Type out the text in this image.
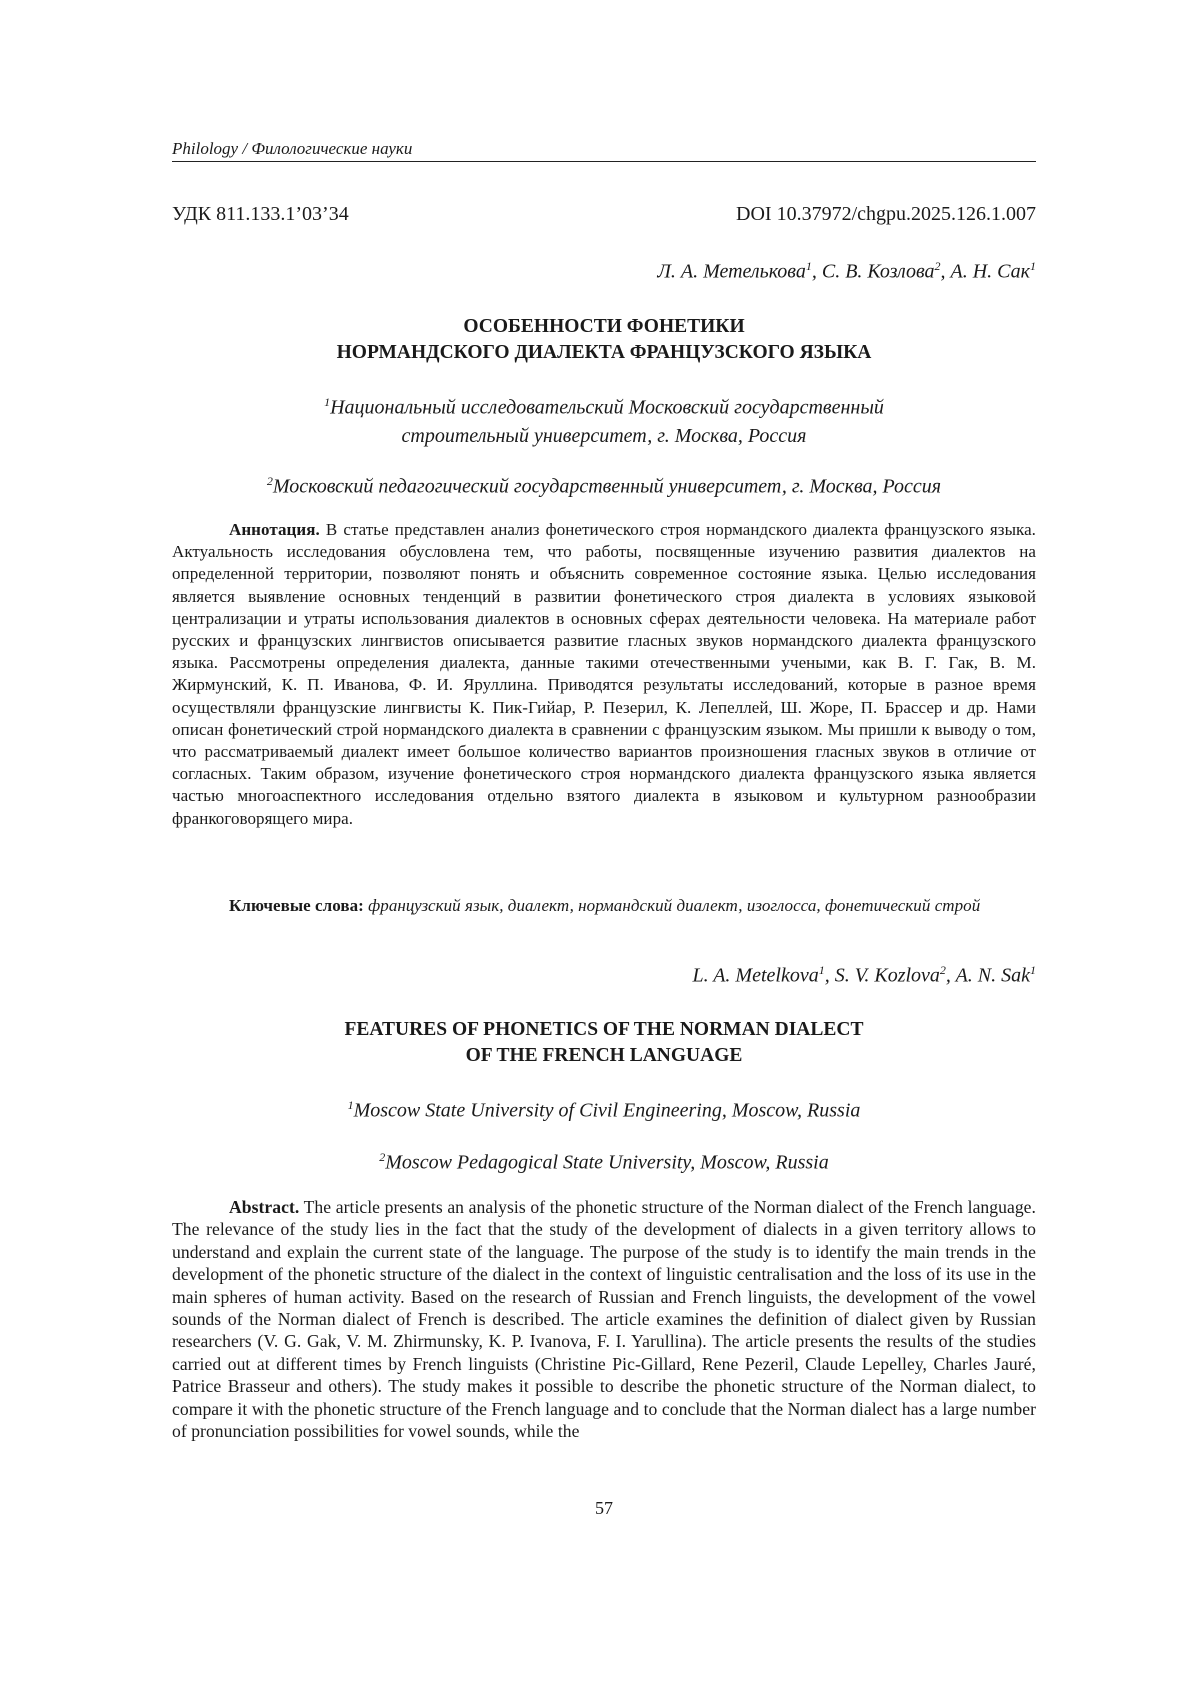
Philology / Филологические науки
УДК 811.133.1’03’34	DOI 10.37972/chgpu.2025.126.1.007
Л. А. Метелькова1, С. В. Козлова2, А. Н. Сак1
ОСОБЕННОСТИ ФОНЕТИКИ
НОРМАНДСКОГО ДИАЛЕКТА ФРАНЦУЗСКОГО ЯЗЫКА
1Национальный исследовательский Московский государственный
строительный университет, г. Москва, Россия
2Московский педагогический государственный университет, г. Москва, Россия
Аннотация. В статье представлен анализ фонетического строя нормандского диалекта французского языка. Актуальность исследования обусловлена тем, что работы, посвященные изучению развития диалектов на определенной территории, позволяют понять и объяснить современное состояние языка. Целью исследования является выявление основных тенденций в развитии фонетического строя диалекта в условиях языковой централизации и утраты использования диалектов в основных сферах деятельности человека. На материале работ русских и французских лингвистов описывается развитие гласных звуков нормандского диалекта французского языка. Рассмотрены определения диалекта, данные такими отечественными учеными, как В. Г. Гак, В. М. Жирмунский, К. П. Иванова, Ф. И. Яруллина. Приводятся результаты исследований, которые в разное время осуществляли французские лингвисты К. Пик-Гийар, Р. Пезерил, К. Лепеллей, Ш. Жоре, П. Брассер и др. Нами описан фонетический строй нормандского диалекта в сравнении с французским языком. Мы пришли к выводу о том, что рассматриваемый диалект имеет большое количество вариантов произношения гласных звуков в отличие от согласных. Таким образом, изучение фонетического строя нормандского диалекта французского языка является частью многоаспектного исследования отдельно взятого диалекта в языковом и культурном разнообразии франкоговорящего мира.
Ключевые слова: французский язык, диалект, нормандский диалект, изоглосса, фонетический строй
L. A. Metelkova1, S. V. Kozlova2, A. N. Sak1
FEATURES OF PHONETICS OF THE NORMAN DIALECT
OF THE FRENCH LANGUAGE
1Moscow State University of Civil Engineering, Moscow, Russia
2Moscow Pedagogical State University, Moscow, Russia
Abstract. The article presents an analysis of the phonetic structure of the Norman dialect of the French language. The relevance of the study lies in the fact that the study of the development of dialects in a given territory allows to understand and explain the current state of the language. The purpose of the study is to identify the main trends in the development of the phonetic structure of the dialect in the context of linguistic centralisation and the loss of its use in the main spheres of human activity. Based on the research of Russian and French linguists, the development of the vowel sounds of the Norman dialect of French is described. The article examines the definition of dialect given by Russian researchers (V. G. Gak, V. M. Zhirmunsky, K. P. Ivanova, F. I. Yarullina). The article presents the results of the studies carried out at different times by French linguists (Christine Pic-Gillard, Rene Pezeril, Claude Lepelley, Charles Jauré, Patrice Brasseur and others). The study makes it possible to describe the phonetic structure of the Norman dialect, to compare it with the phonetic structure of the French language and to conclude that the Norman dialect has a large number of pronunciation possibilities for vowel sounds, while the
57
